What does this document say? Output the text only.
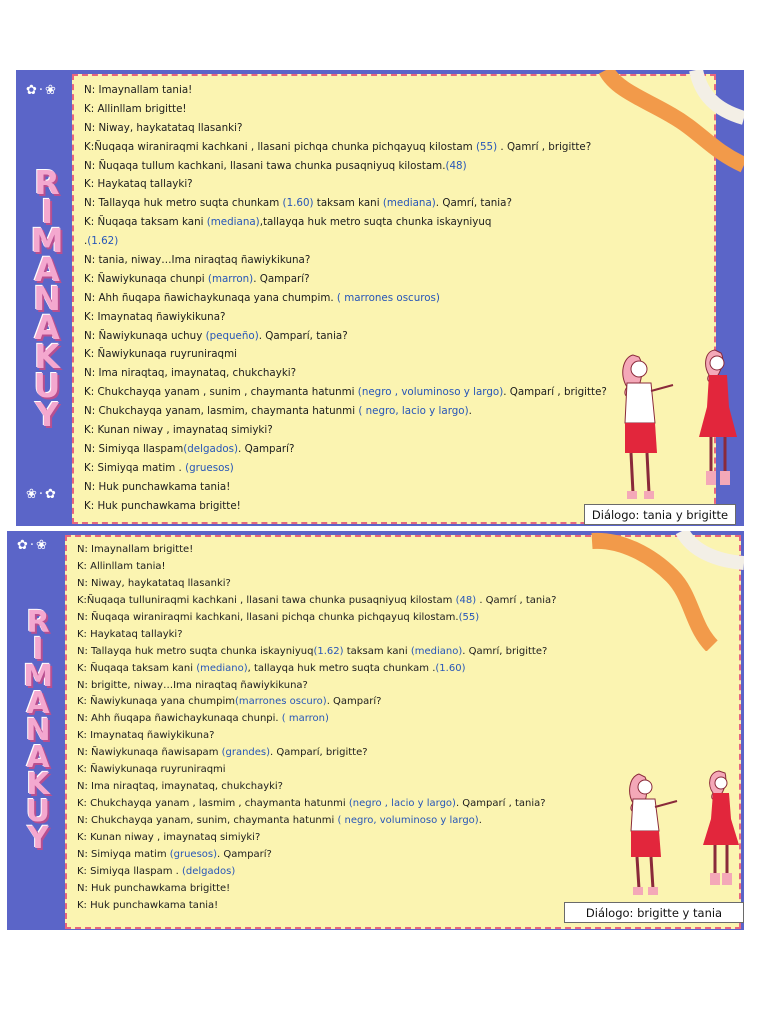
R
I
M
A
N
A
K
U
Y
✿·❀
❀·✿
N: Imaynallam tania!
K: Allinllam brigitte!
N: Niway, haykatataq llasanki?
K:Ñuqaqa wiraniraqmi kachkani , llasani pichqa chunka pichqayuq kilostam (55) . Qamrí , brigitte?
N: Ñuqaqa tullum kachkani, llasani tawa chunka pusaqniyuq kilostam.(48)
K: Haykataq tallayki?
N: Tallayqa huk metro suqta chunkam (1.60) taksam kani (mediana). Qamrí, tania?
K: Ñuqaqa taksam kani (mediana),tallayqa huk metro suqta chunka iskayniyuq
.(1.62)
N: tania, niway…Ima niraqtaq ñawiykikuna?
K: Ñawiykunaqa chunpi (marron). Qamparí?
N: Ahh ñuqapa ñawichaykunaqa yana chumpim. ( marrones oscuros)
K: Imaynataq ñawiykikuna?
N: Ñawiykunaqa uchuy (pequeño). Qamparí, tania?
K: Ñawiykunaqa ruyruniraqmi
N: Ima niraqtaq, imaynataq, chukchayki?
K: Chukchayqa yanam , sunim , chaymanta hatunmi (negro , voluminoso y largo). Qamparí , brigitte?
N: Chukchayqa yanam, lasmim, chaymanta hatunmi ( negro, lacio y largo).
K: Kunan niway , imaynataq simiyki?
N: Simiyqa llaspam(delgados). Qamparí?
K: Simiyqa matim . (gruesos)
N: Huk punchawkama tania!
K: Huk punchawkama brigitte!
Diálogo: tania y brigitte
R
I
M
A
N
A
K
U
Y
✿·❀	N: Imaynallam brigitte!
K: Allinllam tania!
N: Niway, haykatataq llasanki?
K:Ñuqaqa tulluniraqmi kachkani , llasani tawa chunka pusaqniyuq kilostam (48) . Qamrí , tania?
N: Ñuqaqa wiraniraqmi kachkani, llasani pichqa chunka pichqayuq kilostam.(55)
K: Haykataq tallayki?
N: Tallayqa huk metro suqta chunka iskayniyuq(1.62) taksam kani (mediano). Qamrí, brigitte?
K: Ñuqaqa taksam kani (mediano), tallayqa huk metro suqta chunkam .(1.60)
N: brigitte, niway…Ima niraqtaq ñawiykikuna?
K: Ñawiykunaqa yana chumpim(marrones oscuro). Qamparí?
N: Ahh ñuqapa ñawichaykunaqa chunpi. ( marron)
K: Imaynataq ñawiykikuna?
N: Ñawiykunaqa ñawisapam (grandes). Qamparí, brigitte?
K: Ñawiykunaqa ruyruniraqmi
N: Ima niraqtaq, imaynataq, chukchayki?
K: Chukchayqa yanam , lasmim , chaymanta hatunmi (negro , lacio y largo). Qamparí , tania?
N: Chukchayqa yanam, sunim, chaymanta hatunmi ( negro, voluminoso y largo).
K: Kunan niway , imaynataq simiyki?
N: Simiyqa matim (gruesos). Qamparí?
K: Simiyqa llaspam . (delgados)
N: Huk punchawkama brigitte!
K: Huk punchawkama tania!
Diálogo: brigitte y tania
